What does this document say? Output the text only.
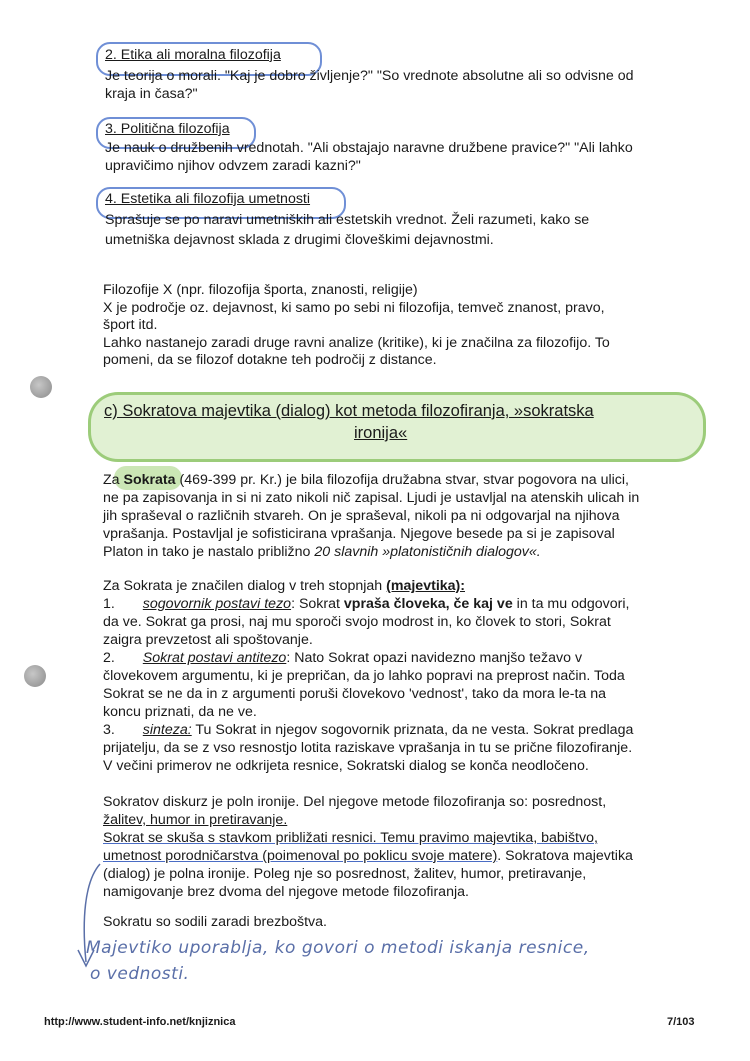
2. Etika ali moralna filozofija
Je teorija o morali. "Kaj je dobro življenje?" "So vrednote absolutne ali so odvisne od
kraja in časa?"
3. Politična filozofija
Je nauk o družbenih vrednotah. "Ali obstajajo naravne družbene pravice?" "Ali lahko
upravičimo njihov odvzem zaradi kazni?"
4. Estetika ali filozofija umetnosti
Sprašuje se po naravi umetniških ali estetskih vrednot. Želi razumeti, kako se
umetniška dejavnost sklada z drugimi človeškimi dejavnostmi.
Filozofije X (npr. filozofija športa, znanosti, religije)
X je področje oz. dejavnost, ki samo po sebi ni filozofija, temveč znanost, pravo,
šport itd.
Lahko nastanejo zaradi druge ravni analize (kritike), ki je značilna za filozofijo. To
pomeni, da se filozof dotakne teh področij z distance.
c) Sokratova majevtika (dialog) kot metoda filozofiranja, »sokratska
ironija«
Za Sokrata (469-399 pr. Kr.) je bila filozofija družabna stvar, stvar pogovora na ulici,
ne pa zapisovanja in si ni zato nikoli nič zapisal. Ljudi je ustavljal na atenskih ulicah in
jih spraševal o različnih stvareh. On je spraševal, nikoli pa ni odgovarjal na njihova
vprašanja. Postavljal je sofisticirana vprašanja. Njegove besede pa si je zapisoval
Platon in tako je nastalo približno 20 slavnih »platonističnih dialogov«.
Za Sokrata je značilen dialog v treh stopnjah (majevtika):
1. sogovornik postavi tezo: Sokrat vpraša človeka, če kaj ve in ta mu odgovori,
da ve. Sokrat ga prosi, naj mu sporoči svojo modrost in, ko človek to stori, Sokrat
zaigra prevzetost ali spoštovanje.
2. Sokrat postavi antitezo: Nato Sokrat opazi navidezno manjšo težavo v
človekovem argumentu, ki je prepričan, da jo lahko popravi na preprost način. Toda
Sokrat se ne da in z argumenti poruši človekovo 'vednost', tako da mora le-ta na
koncu priznati, da ne ve.
3. sinteza: Tu Sokrat in njegov sogovornik priznata, da ne vesta. Sokrat predlaga
prijatelju, da se z vso resnostjo lotita raziskave vprašanja in tu se prične filozofiranje.
V večini primerov ne odkrijeta resnice, Sokratski dialog se konča neodločeno.
Sokratov diskurz je poln ironije. Del njegove metode filozofiranja so: posrednost,
žalitev, humor in pretiravanje.
Sokrat se skuša s stavkom približati resnici. Temu pravimo majevtika, babištvo,
umetnost porodničarstva (poimenoval po poklicu svoje matere). Sokratova majevtika
(dialog) je polna ironije. Poleg nje so posrednost, žalitev, humor, pretiravanje,
namigovanje brez dvoma del njegove metode filozofiranja.
Sokratu so sodili zaradi brezboštva.
Majevtiko uporablja, ko govori o metodi iskanja resnice,
o vednosti.
http://www.student-info.net/knjiznica	7/103
